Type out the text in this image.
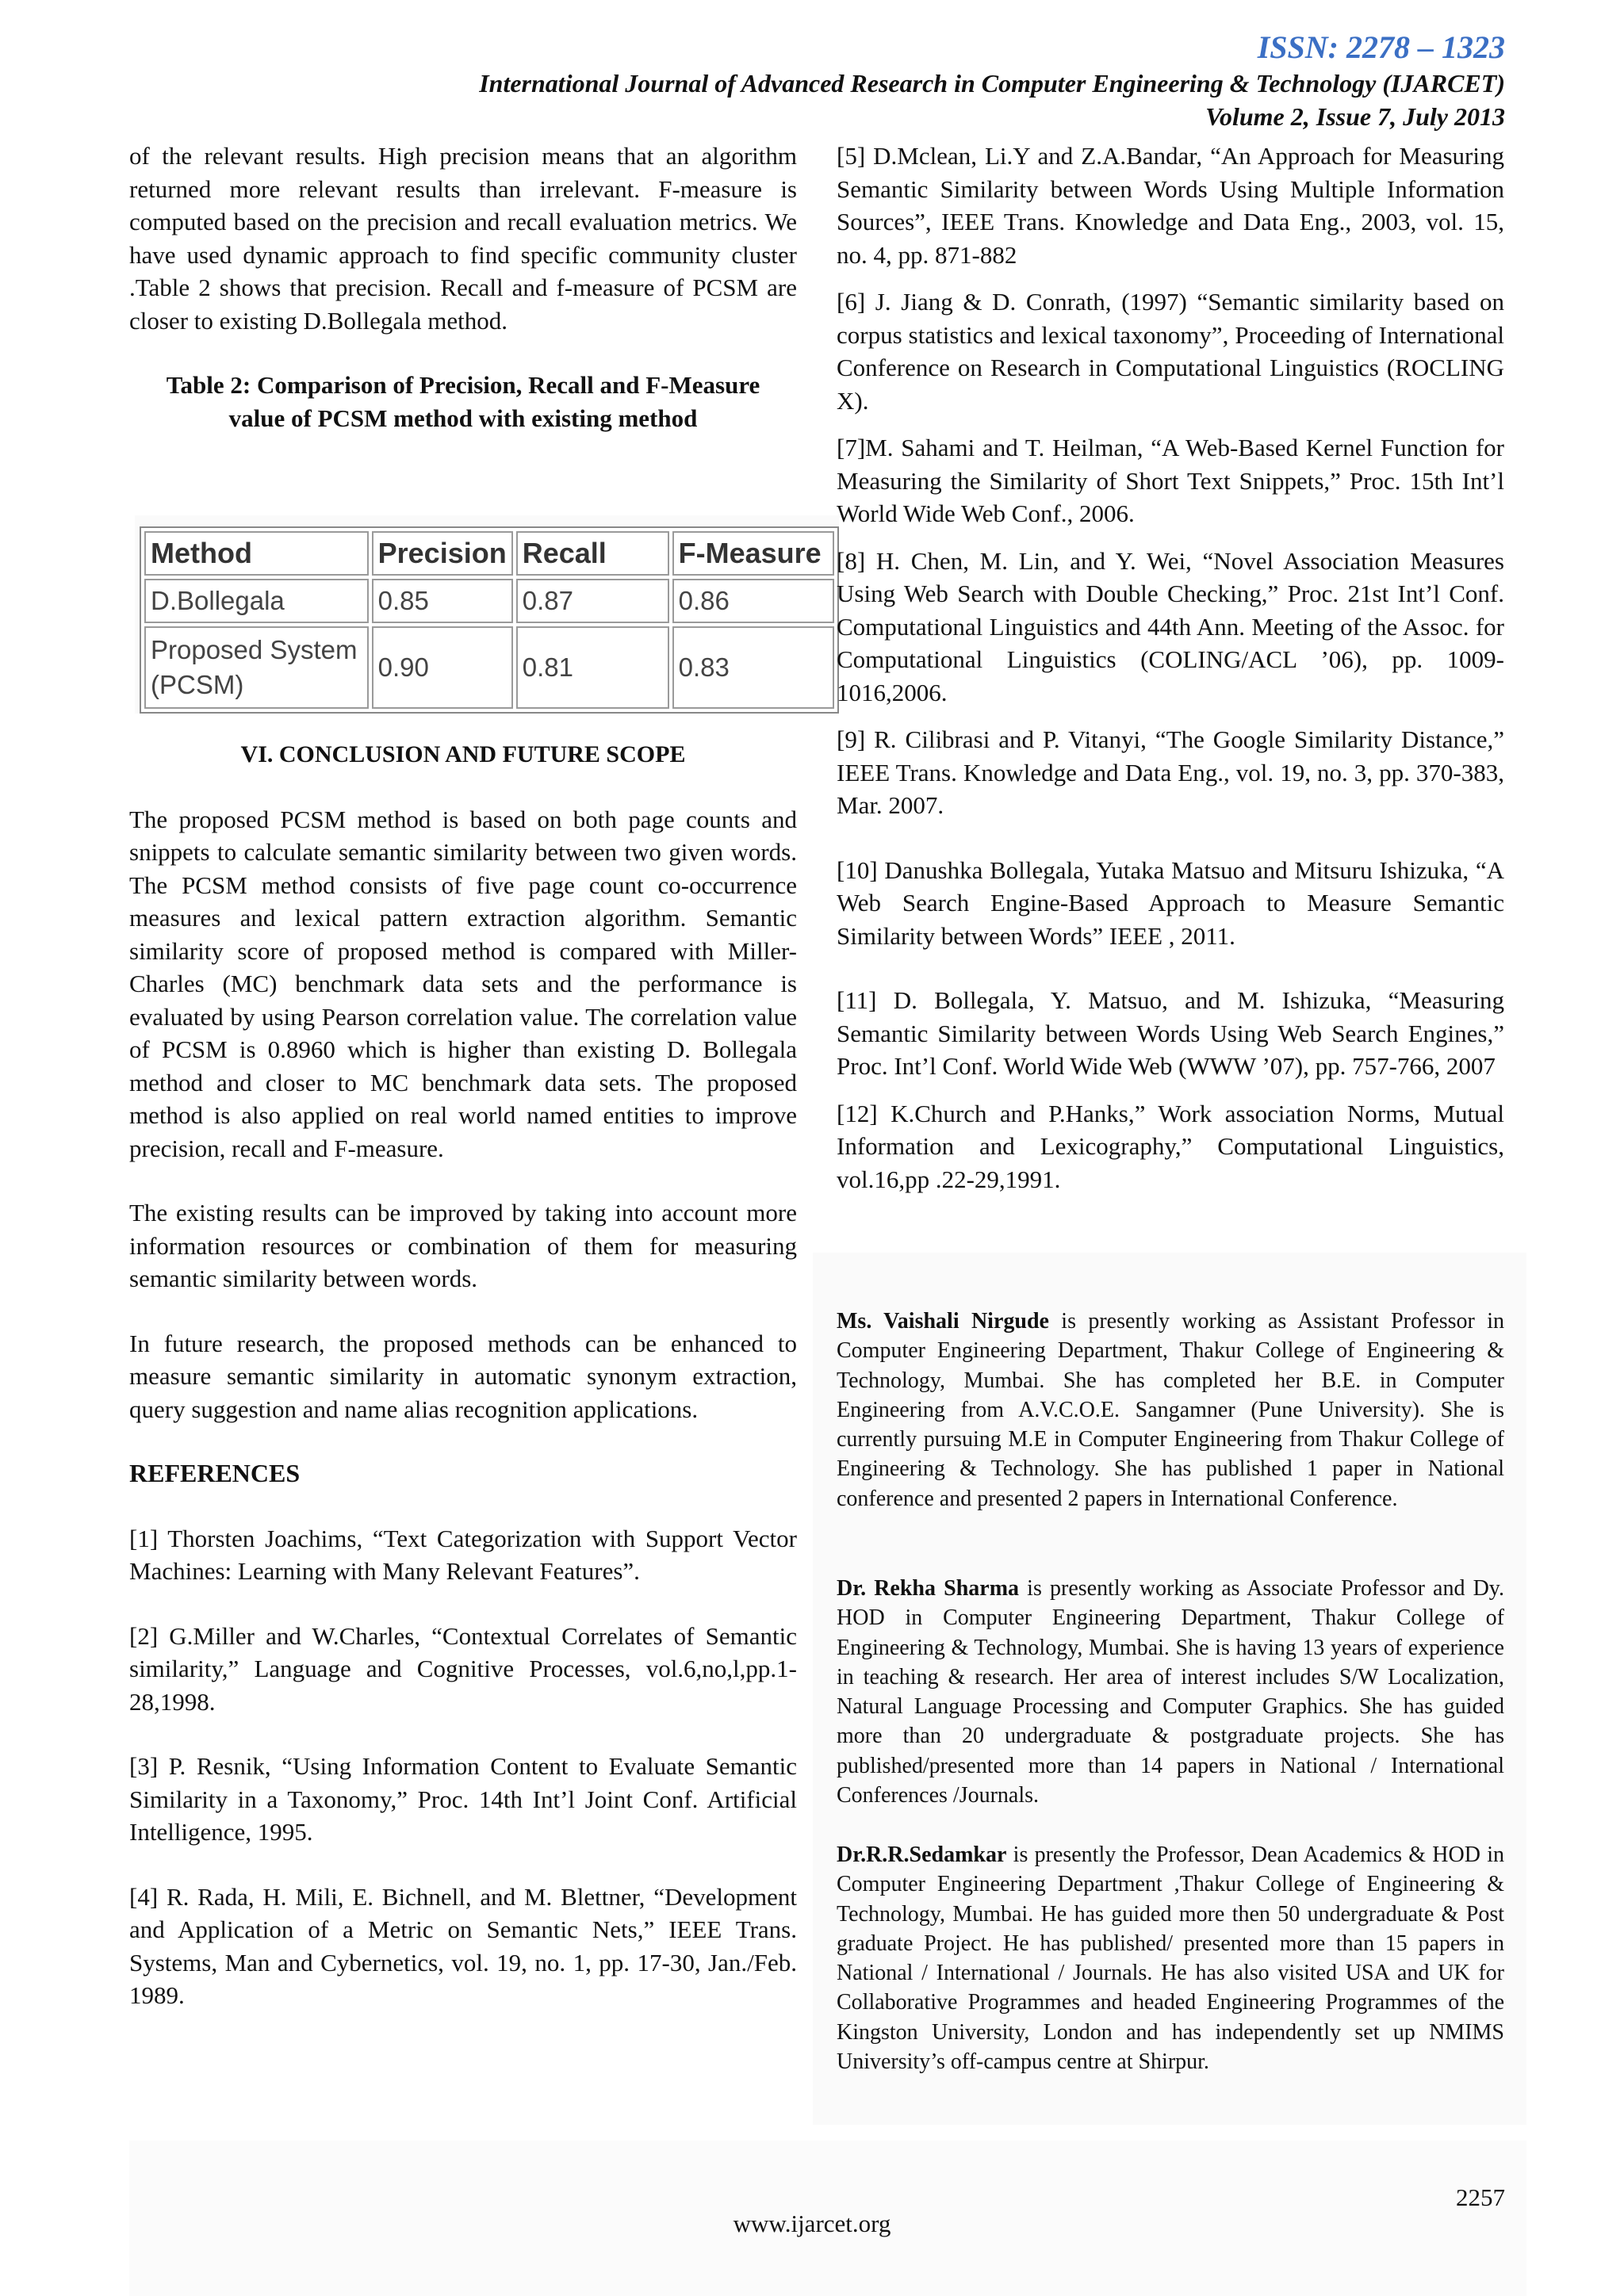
ISSN: 2278 – 1323
International Journal of Advanced Research in Computer Engineering & Technology (IJARCET)
Volume 2, Issue 7, July 2013
Method	Precision	Recall	F-Measure
D.Bollegala	0.85	0.87	0.86

Proposed System
(PCSM)	0.90	0.81	0.83

of the relevant results. High precision means that an algorithm returned more relevant results than irrelevant. F-measure is computed based on the precision and recall evaluation metrics. We have used dynamic approach to find specific community cluster .Table 2 shows that precision. Recall and f-measure of PCSM are closer to existing D.Bollegala method.

Table 2: Comparison of Precision, Recall and F-Measure
value of PCSM method with existing method
VI. CONCLUSION AND FUTURE SCOPE

The proposed PCSM method is based on both page counts and snippets to calculate semantic similarity between two given words. The PCSM method consists of five page count co-occurrence measures and lexical pattern extraction algorithm. Semantic similarity score of proposed method is compared with Miller- Charles (MC) benchmark data sets and the performance is evaluated by using Pearson correlation value. The correlation value of PCSM is 0.8960 which is higher than existing D. Bollegala method and closer to MC benchmark data sets. The proposed method is also applied on real world named entities to improve precision, recall and F-measure.

The existing results can be improved by taking into account more information resources or combination of them for measuring semantic similarity between words.

In future research, the proposed methods can be enhanced to measure semantic similarity in automatic synonym extraction, query suggestion and name alias recognition applications.

REFERENCES

[1] Thorsten Joachims, “Text Categorization with Support Vector Machines: Learning with Many Relevant Features”.

[2] G.Miller and W.Charles, “Contextual Correlates of Semantic similarity,” Language and Cognitive Processes, vol.6,no,l,pp.1-28,1998.

[3] P. Resnik, “Using Information Content to Evaluate Semantic Similarity in a Taxonomy,” Proc. 14th Int’l Joint Conf. Artificial Intelligence, 1995.

[4] R. Rada, H. Mili, E. Bichnell, and M. Blettner, “Development and Application of a Metric on Semantic Nets,” IEEE Trans. Systems, Man and Cybernetics, vol. 19, no. 1, pp. 17-30, Jan./Feb. 1989.

[5] D.Mclean, Li.Y and Z.A.Bandar, “An Approach for Measuring Semantic Similarity between Words Using Multiple Information Sources”, IEEE Trans. Knowledge and Data Eng., 2003, vol. 15, no. 4, pp. 871-882

[6] J. Jiang & D. Conrath, (1997) “Semantic similarity based on corpus statistics and lexical taxonomy”, Proceeding of International Conference on Research in Computational Linguistics (ROCLING X).

[7]M. Sahami and T. Heilman, “A Web-Based Kernel Function for Measuring the Similarity of Short Text Snippets,” Proc. 15th Int’l World Wide Web Conf., 2006.

[8] H. Chen, M. Lin, and Y. Wei, “Novel Association Measures Using Web Search with Double Checking,” Proc. 21st Int’l Conf. Computational Linguistics and 44th Ann. Meeting of the Assoc. for Computational Linguistics (COLING/ACL ’06), pp. 1009-1016,2006.

[9] R. Cilibrasi and P. Vitanyi, “The Google Similarity Distance,” IEEE Trans. Knowledge and Data Eng., vol. 19, no. 3, pp. 370-383, Mar. 2007.

[10] Danushka Bollegala, Yutaka Matsuo and Mitsuru Ishizuka, “A Web Search Engine-Based Approach to Measure Semantic Similarity between Words” IEEE , 2011.

[11] D. Bollegala, Y. Matsuo, and M. Ishizuka, “Measuring Semantic Similarity between Words Using Web Search Engines,” Proc. Int’l Conf. World Wide Web (WWW ’07), pp. 757-766, 2007

[12] K.Church and P.Hanks,” Work association Norms, Mutual Information and Lexicography,” Computational Linguistics, vol.16,pp .22-29,1991.

Ms. Vaishali Nirgude is presently working as Assistant Professor in Computer Engineering Department, Thakur College of Engineering & Technology, Mumbai. She has completed her B.E. in Computer Engineering from A.V.C.O.E. Sangamner (Pune University). She is currently pursuing M.E in Computer Engineering from Thakur College of Engineering & Technology. She has published 1 paper in National conference and presented 2 papers in International Conference.
Dr. Rekha Sharma is presently working as Associate Professor and Dy. HOD in Computer Engineering Department, Thakur College of Engineering & Technology, Mumbai. She is having 13 years of experience in teaching & research. Her area of interest includes S/W Localization, Natural Language Processing and Computer Graphics. She has guided more than 20 undergraduate & postgraduate projects. She has published/presented more than 14 papers in National / International Conferences /Journals.
Dr.R.R.Sedamkar is presently the Professor, Dean Academics & HOD in Computer Engineering Department ,Thakur College of Engineering & Technology, Mumbai. He has guided more then 50 undergraduate & Post graduate Project. He has published/ presented more than 15 papers in National / International / Journals. He has also visited USA and UK for Collaborative Programmes and headed Engineering Programmes of the Kingston University, London and has independently set up NMIMS University’s off-campus centre at Shirpur.
2257
www.ijarcet.org
